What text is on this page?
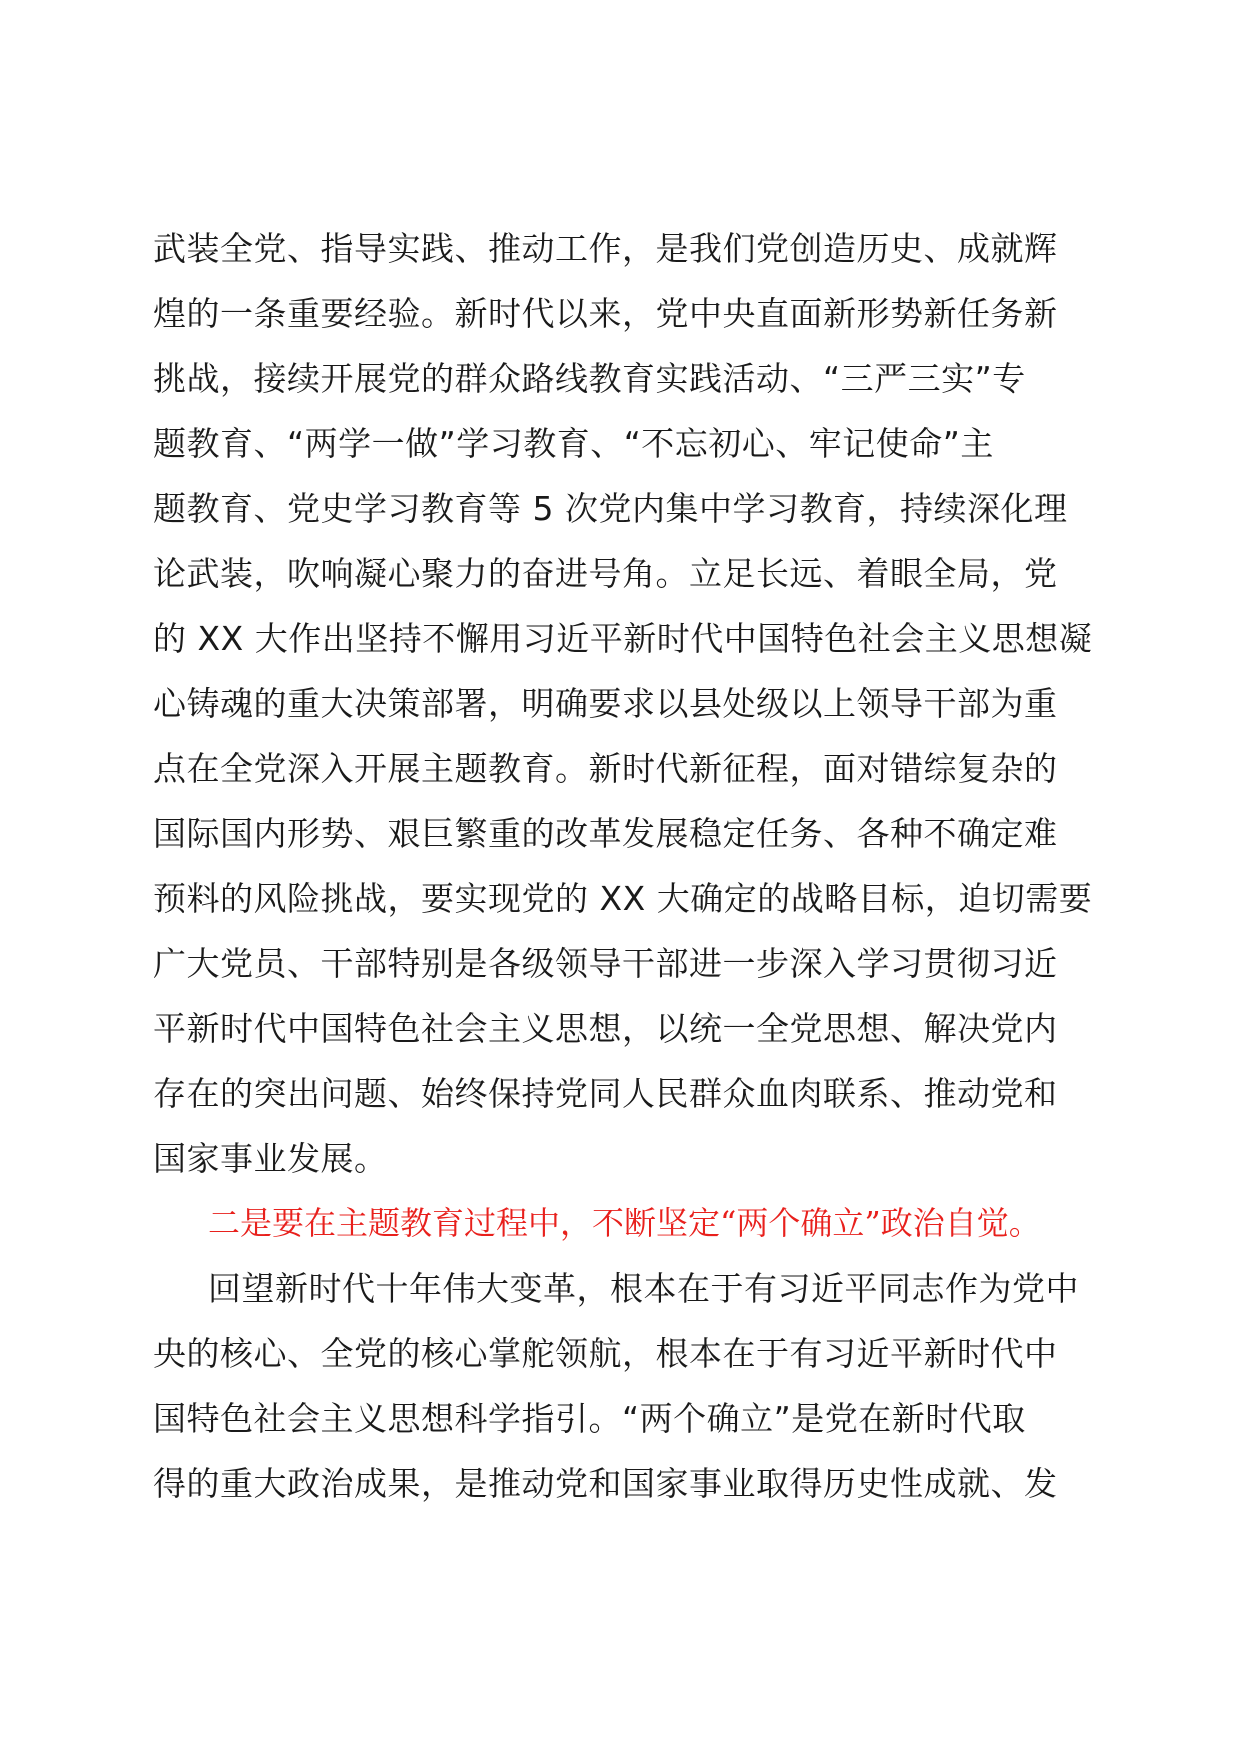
武装全党、指导实践、推动工作，是我们党创造历史、成就辉
煌的一条重要经验。新时代以来，党中央直面新形势新任务新
挑战，接续开展党的群众路线教育实践活动、“三严三实”专
题教育、“两学一做”学习教育、“不忘初心、牢记使命”主
题教育、党史学习教育等 5 次党内集中学习教育，持续深化理
论武装，吹响凝心聚力的奋进号角。立足长远、着眼全局，党
的 XX 大作出坚持不懈用习近平新时代中国特色社会主义思想凝
心铸魂的重大决策部署，明确要求以县处级以上领导干部为重
点在全党深入开展主题教育。新时代新征程，面对错综复杂的
国际国内形势、艰巨繁重的改革发展稳定任务、各种不确定难
预料的风险挑战，要实现党的 XX 大确定的战略目标，迫切需要
广大党员、干部特别是各级领导干部进一步深入学习贯彻习近
平新时代中国特色社会主义思想，以统一全党思想、解决党内
存在的突出问题、始终保持党同人民群众血肉联系、推动党和
国家事业发展。

二是要在主题教育过程中，不断坚定“两个确立”政治自觉。

回望新时代十年伟大变革，根本在于有习近平同志作为党中
央的核心、全党的核心掌舵领航，根本在于有习近平新时代中
国特色社会主义思想科学指引。“两个确立”是党在新时代取
得的重大政治成果，是推动党和国家事业取得历史性成就、发
